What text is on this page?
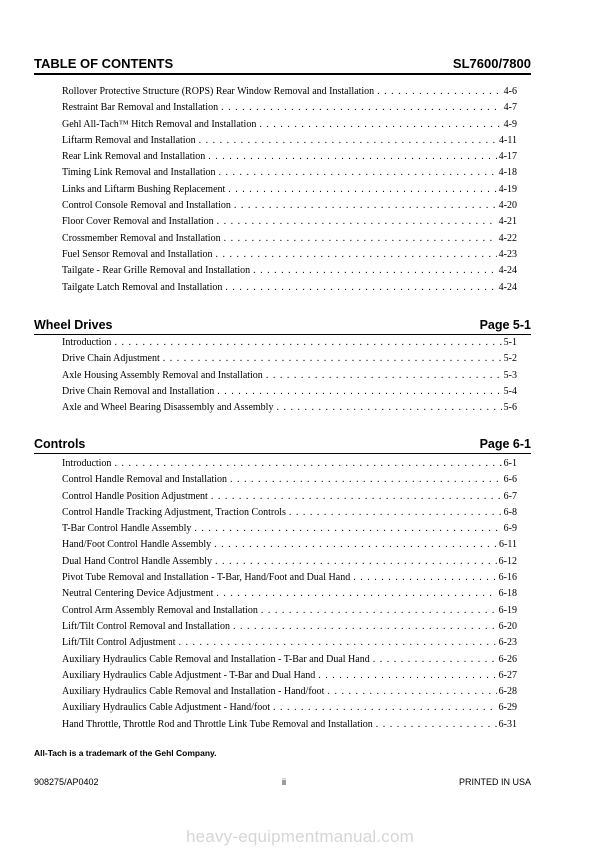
TABLE OF CONTENTS	SL7600/7800
Rollover Protective Structure (ROPS) Rear Window Removal and Installation . . .	4-6
Restraint Bar Removal and Installation . . .	4-7
Gehl All-Tach™ Hitch Removal and Installation . . .	4-9
Liftarm Removal and Installation . . .	4-11
Rear Link Removal and Installation . . .	4-17
Timing Link Removal and Installation . . .	4-18
Links and Liftarm Bushing Replacement . . .	4-19
Control Console Removal and Installation . . .	4-20
Floor Cover Removal and Installation . . .	4-21
Crossmember Removal and Installation . . .	4-22
Fuel Sensor Removal and Installation . . .	4-23
Tailgate - Rear Grille Removal and Installation . . .	4-24
Tailgate Latch Removal and Installation . . .	4-24
Wheel Drives	Page 5-1
Introduction . . .	5-1
Drive Chain Adjustment . . .	5-2
Axle Housing Assembly Removal and Installation . . .	5-3
Drive Chain Removal and Installation . . .	5-4
Axle and Wheel Bearing Disassembly and Assembly . . .	5-6
Controls	Page 6-1
Introduction . . .	6-1
Control Handle Removal and Installation . . .	6-6
Control Handle Position Adjustment . . .	6-7
Control Handle Tracking Adjustment, Traction Controls . . .	6-8
T-Bar Control Handle Assembly . . .	6-9
Hand/Foot Control Handle Assembly . . .	6-11
Dual Hand Control Handle Assembly . . .	6-12
Pivot Tube Removal and Installation - T-Bar, Hand/Foot and Dual Hand . . .	6-16
Neutral Centering Device Adjustment . . .	6-18
Control Arm Assembly Removal and Installation . . .	6-19
Lift/Tilt Control Removal and Installation . . .	6-20
Lift/Tilt Control Adjustment . . .	6-23
Auxiliary Hydraulics Cable Removal and Installation - T-Bar and Dual Hand . . .	6-26
Auxiliary Hydraulics Cable Adjustment - T-Bar and Dual Hand . . .	6-27
Auxiliary Hydraulics Cable Removal and Installation - Hand/foot . . .	6-28
Auxiliary Hydraulics Cable Adjustment - Hand/foot . . .	6-29
Hand Throttle, Throttle Rod and Throttle Link Tube Removal and Installation . . .	6-31
All-Tach is a trademark of the Gehl Company.
908275/AP0402	ii	PRINTED IN USA
heavy-equipmentmanual.com
